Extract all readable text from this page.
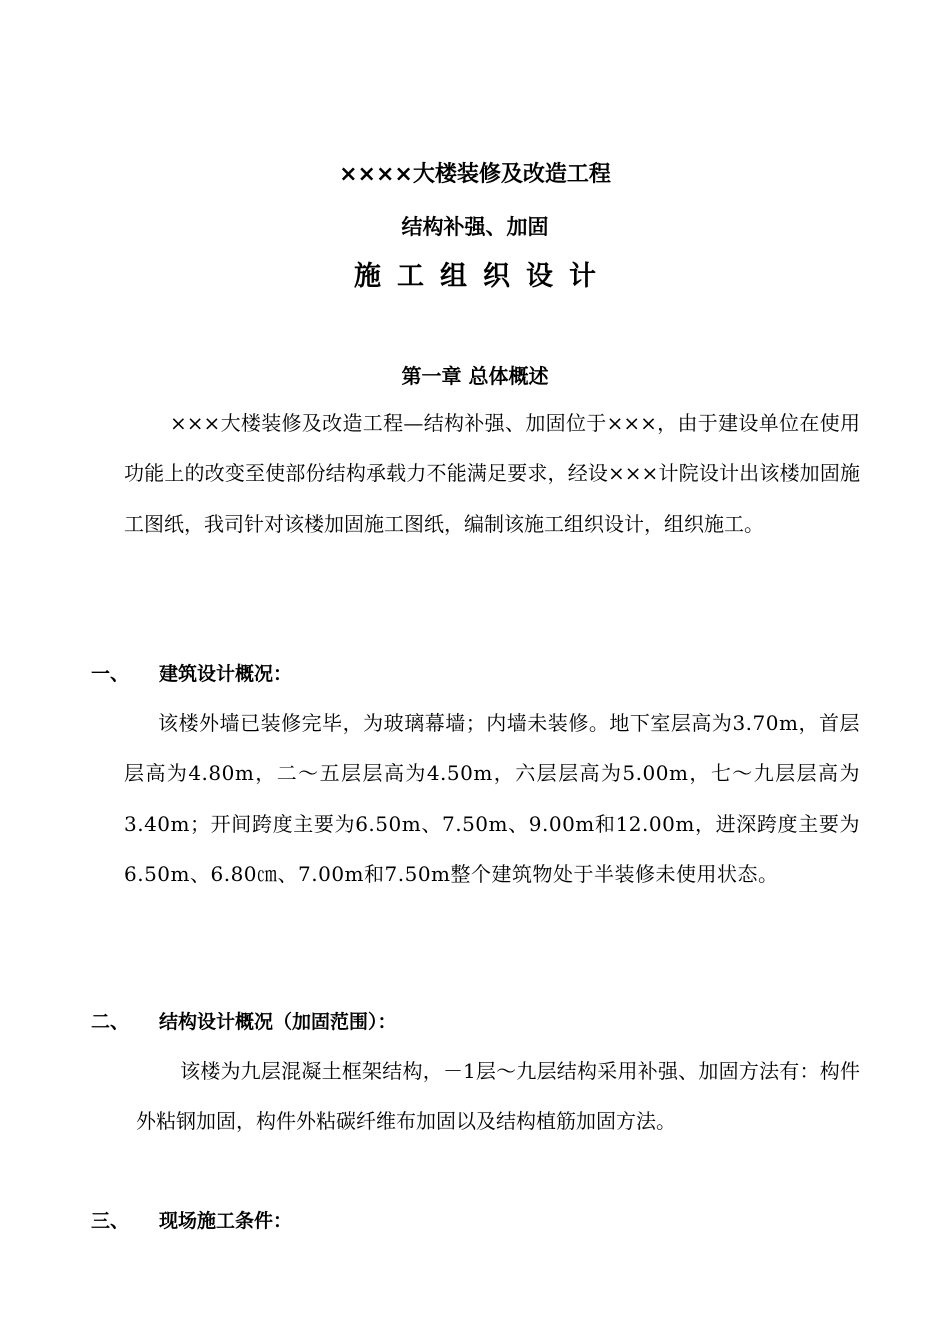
××××大楼装修及改造工程
结构补强、加固
施工组织设计
第一章 总体概述

×××大楼装修及改造工程—结构补强、加固位于×××，由于建设单位在使用功能上的改变至使部份结构承载力不能满足要求，经设×××计院设计出该楼加固施工图纸，我司针对该楼加固施工图纸，编制该施工组织设计，组织施工。

一、 建筑设计概况：

该楼外墙已装修完毕，为玻璃幕墙；内墙未装修。地下室层高为3.70m，首层层高为4.80m，二～五层层高为4.50m，六层层高为5.00m，七～九层层高为3.40m；开间跨度主要为6.50m、7.50m、9.00m和12.00m，进深跨度主要为6.50m、6.80㎝、7.00m和7.50m整个建筑物处于半装修未使用状态。

二、 结构设计概况（加固范围）：

该楼为九层混凝土框架结构，－1层～九层结构采用补强、加固方法有：构件外粘钢加固，构件外粘碳纤维布加固以及结构植筋加固方法。

三、 现场施工条件：
